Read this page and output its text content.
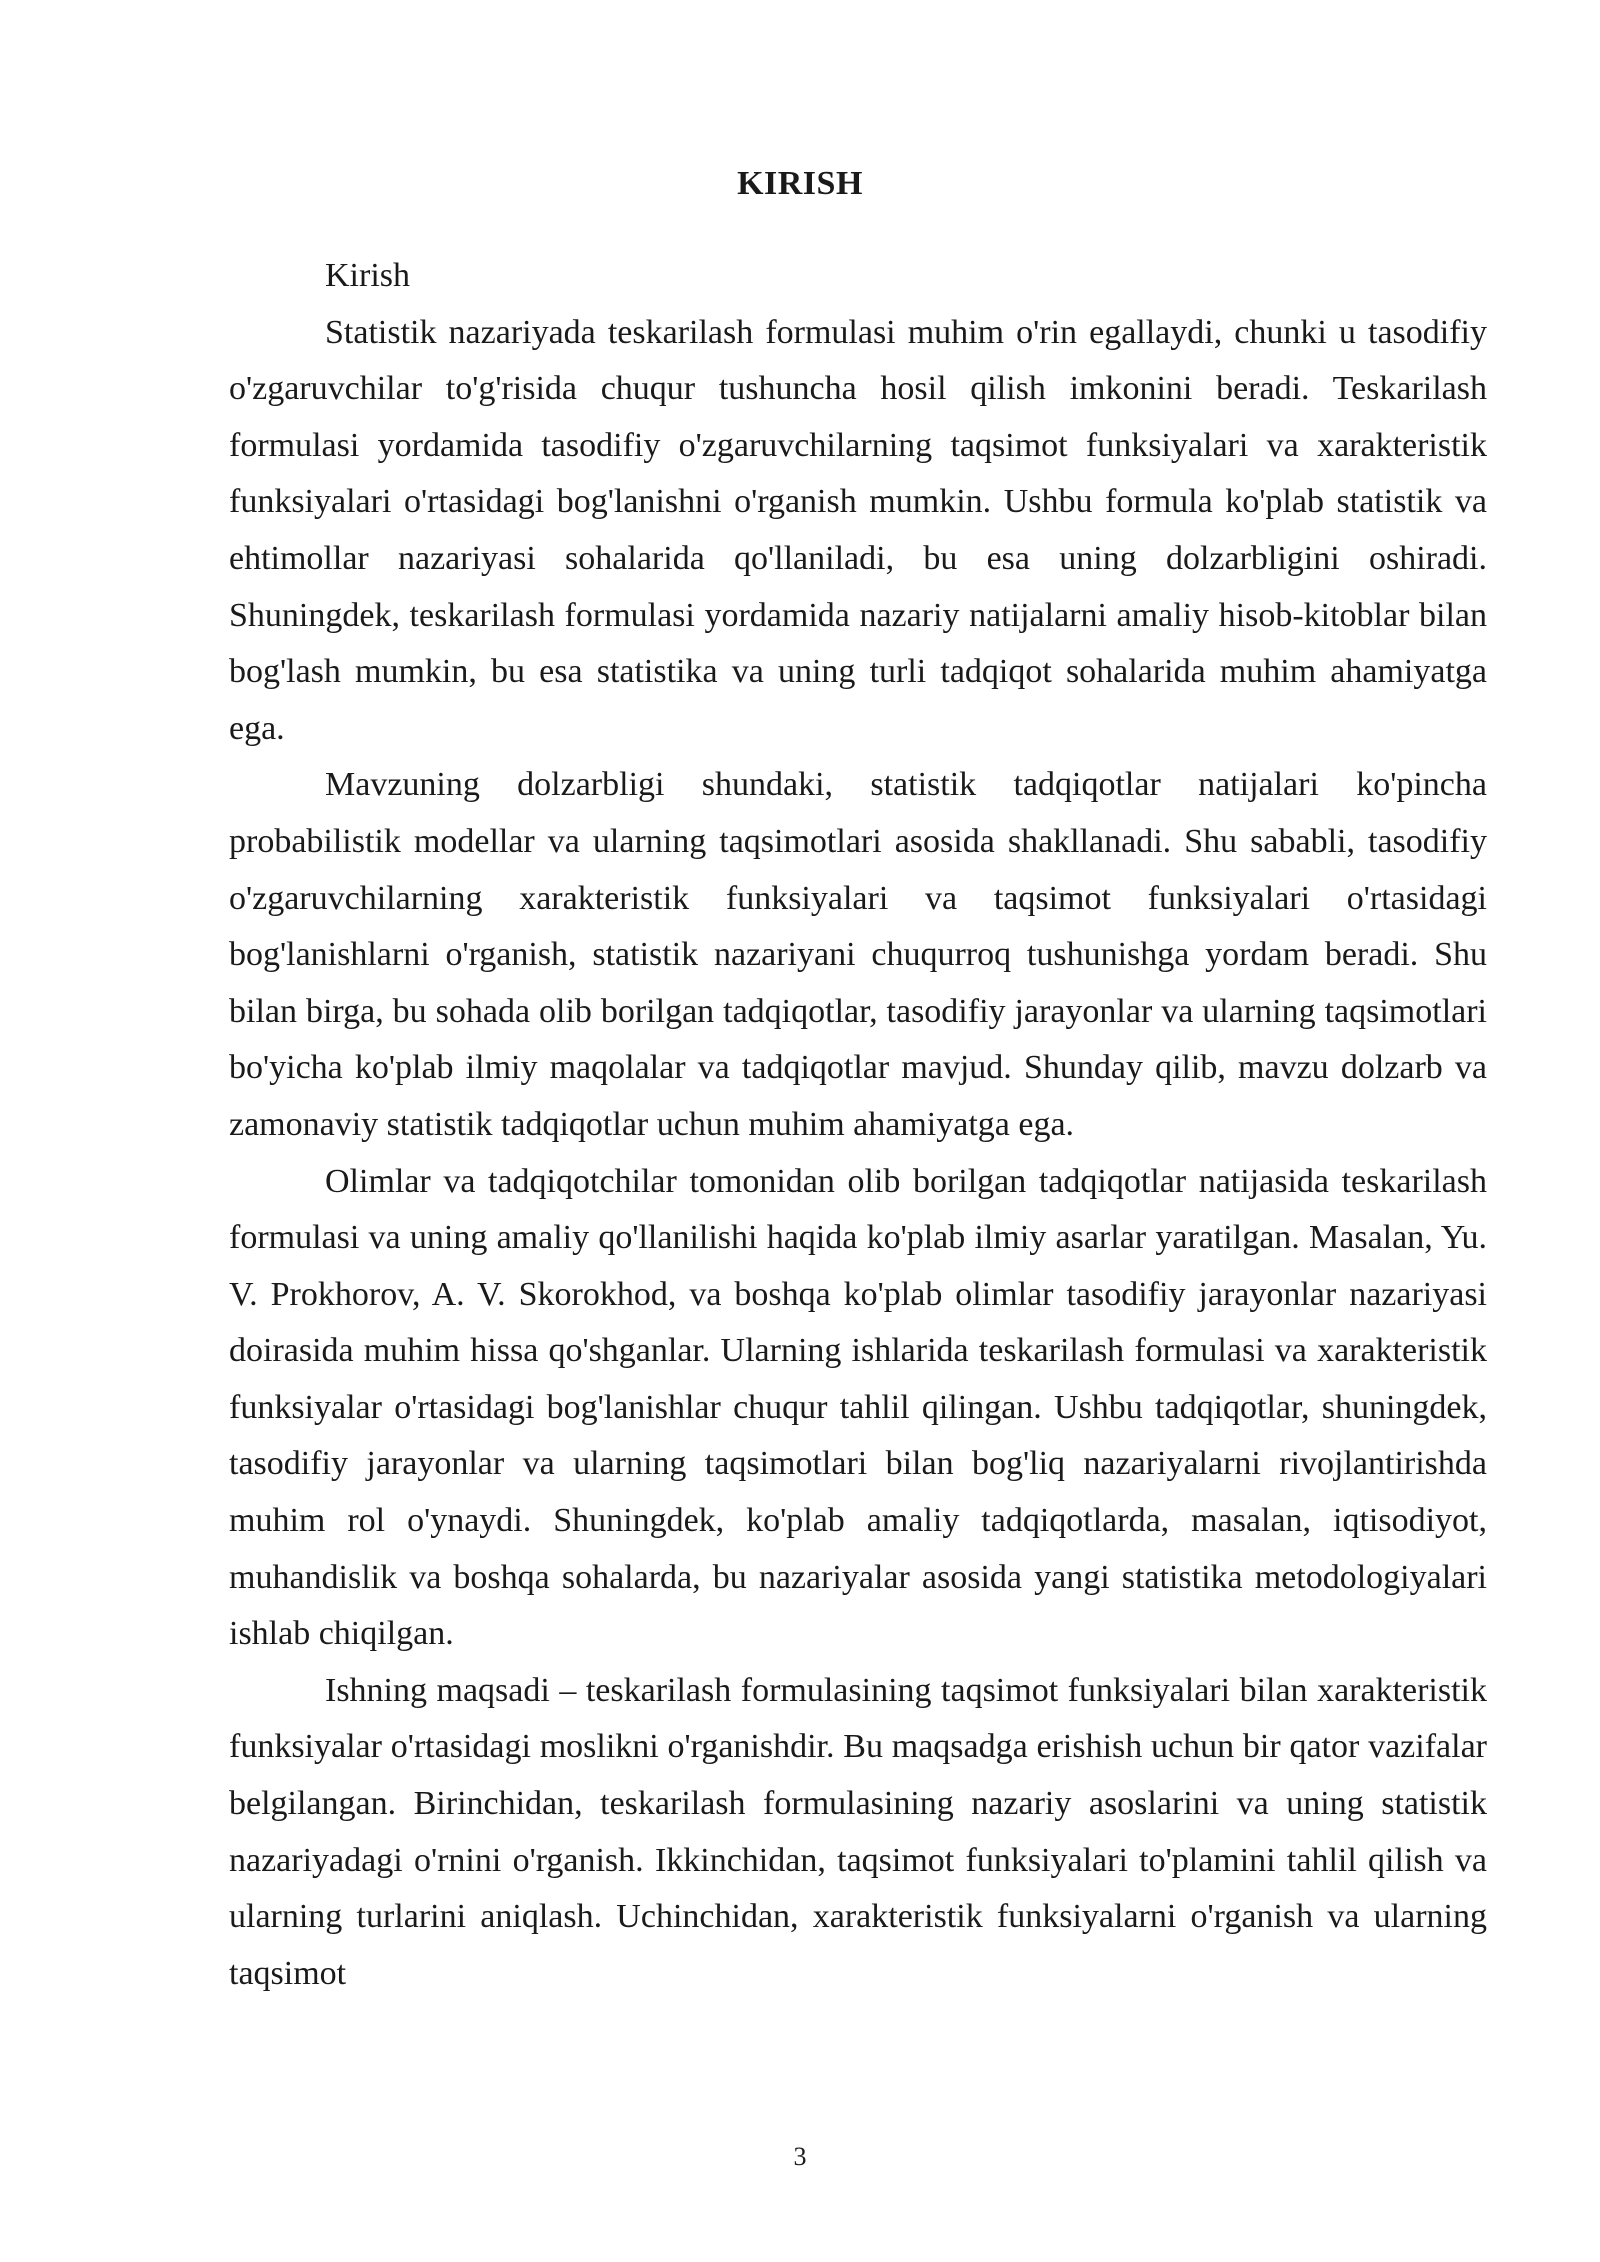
KIRISH

Kirish

Statistik nazariyada teskarilash formulasi muhim o'rin egallaydi, chunki u tasodifiy o'zgaruvchilar to'g'risida chuqur tushuncha hosil qilish imkonini beradi. Teskarilash formulasi yordamida tasodifiy o'zgaruvchilarning taqsimot funksiyalari va xarakteristik funksiyalari o'rtasidagi bog'lanishni o'rganish mumkin. Ushbu formula ko'plab statistik va ehtimollar nazariyasi sohalarida qo'llaniladi, bu esa uning dolzarbligini oshiradi. Shuningdek, teskarilash formulasi yordamida nazariy natijalarni amaliy hisob-kitoblar bilan bog'lash mumkin, bu esa statistika va uning turli tadqiqot sohalarida muhim ahamiyatga ega.

Mavzuning dolzarbligi shundaki, statistik tadqiqotlar natijalari ko'pincha probabilistik modellar va ularning taqsimotlari asosida shakllanadi. Shu sababli, tasodifiy o'zgaruvchilarning xarakteristik funksiyalari va taqsimot funksiyalari o'rtasidagi bog'lanishlarni o'rganish, statistik nazariyani chuqurroq tushunishga yordam beradi. Shu bilan birga, bu sohada olib borilgan tadqiqotlar, tasodifiy jarayonlar va ularning taqsimotlari bo'yicha ko'plab ilmiy maqolalar va tadqiqotlar mavjud. Shunday qilib, mavzu dolzarb va zamonaviy statistik tadqiqotlar uchun muhim ahamiyatga ega.

Olimlar va tadqiqotchilar tomonidan olib borilgan tadqiqotlar natijasida teskarilash formulasi va uning amaliy qo'llanilishi haqida ko'plab ilmiy asarlar yaratilgan. Masalan, Yu. V. Prokhorov, A. V. Skorokhod, va boshqa ko'plab olimlar tasodifiy jarayonlar nazariyasi doirasida muhim hissa qo'shganlar. Ularning ishlarida teskarilash formulasi va xarakteristik funksiyalar o'rtasidagi bog'lanishlar chuqur tahlil qilingan. Ushbu tadqiqotlar, shuningdek, tasodifiy jarayonlar va ularning taqsimotlari bilan bog'liq nazariyalarni rivojlantirishda muhim rol o'ynaydi. Shuningdek, ko'plab amaliy tadqiqotlarda, masalan, iqtisodiyot, muhandislik va boshqa sohalarda, bu nazariyalar asosida yangi statistika metodologiyalari ishlab chiqilgan.

Ishning maqsadi – teskarilash formulasining taqsimot funksiyalari bilan xarakteristik funksiyalar o'rtasidagi moslikni o'rganishdir. Bu maqsadga erishish uchun bir qator vazifalar belgilangan. Birinchidan, teskarilash formulasining nazariy asoslarini va uning statistik nazariyadagi o'rnini o'rganish. Ikkinchidan, taqsimot funksiyalari to'plamini tahlil qilish va ularning turlarini aniqlash. Uchinchidan, xarakteristik funksiyalarni o'rganish va ularning taqsimot

3
